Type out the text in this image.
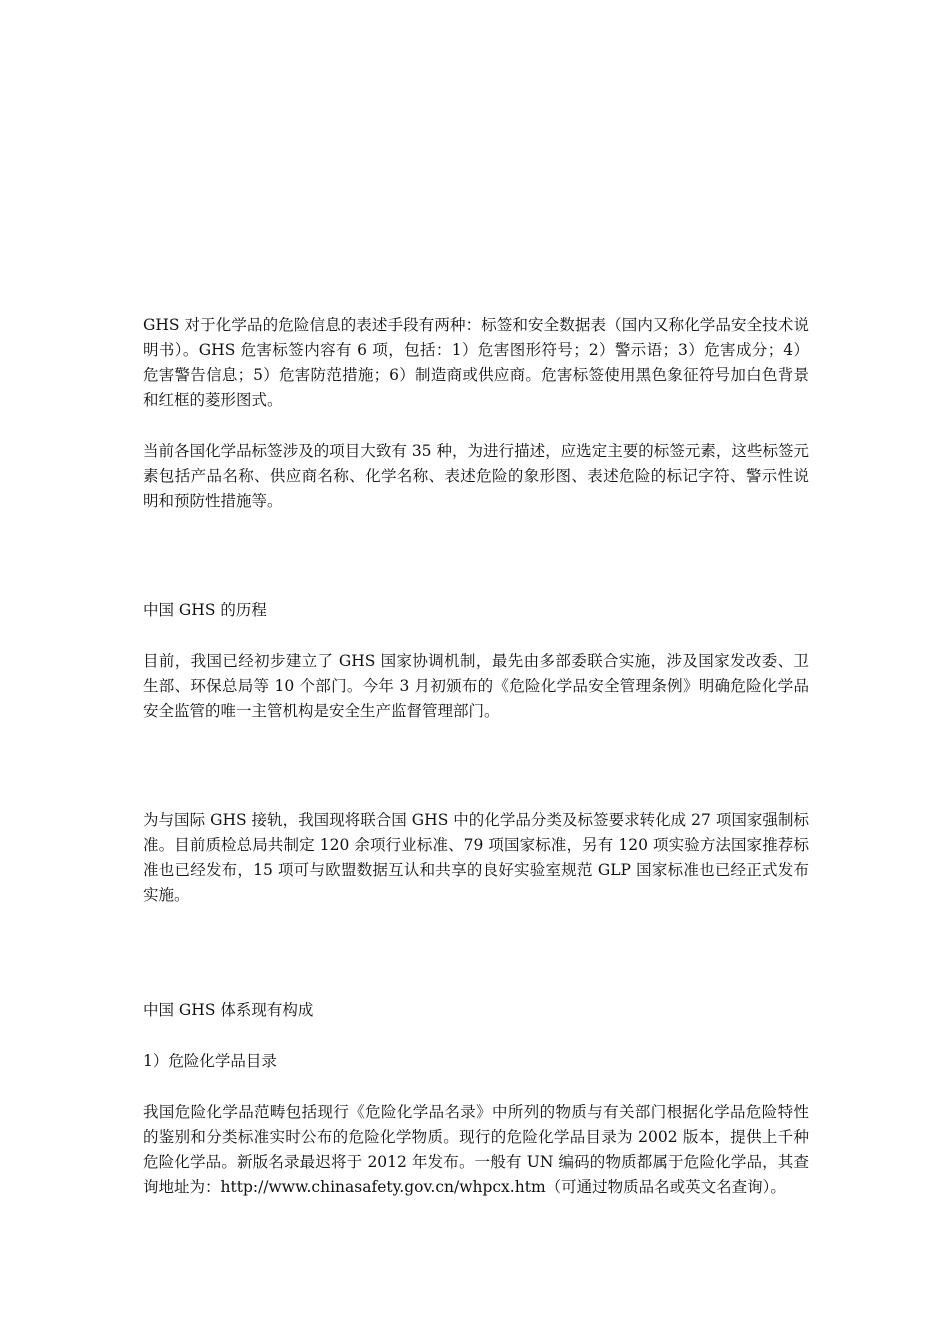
GHS 对于化学品的危险信息的表述手段有两种：标签和安全数据表（国内又称化学品安全技术说明书）。GHS 危害标签内容有 6 项，包括：1）危害图形符号；2）警示语；3）危害成分；4）危害警告信息；5）危害防范措施；6）制造商或供应商。危害标签使用黑色象征符号加白色背景和红框的菱形图式。

当前各国化学品标签涉及的项目大致有 35 种，为进行描述，应选定主要的标签元素，这些标签元素包括产品名称、供应商名称、化学名称、表述危险的象形图、表述危险的标记字符、警示性说明和预防性措施等。

中国 GHS 的历程

目前，我国已经初步建立了 GHS 国家协调机制，最先由多部委联合实施，涉及国家发改委、卫生部、环保总局等 10 个部门。今年 3 月初颁布的《危险化学品安全管理条例》明确危险化学品安全监管的唯一主管机构是安全生产监督管理部门。

为与国际 GHS 接轨，我国现将联合国 GHS 中的化学品分类及标签要求转化成 27 项国家强制标准。目前质检总局共制定 120 余项行业标准、79 项国家标准，另有 120 项实验方法国家推荐标准也已经发布，15 项可与欧盟数据互认和共享的良好实验室规范 GLP 国家标准也已经正式发布实施。

中国 GHS 体系现有构成

1）危险化学品目录

我国危险化学品范畴包括现行《危险化学品名录》中所列的物质与有关部门根据化学品危险特性的鉴别和分类标准实时公布的危险化学物质。现行的危险化学品目录为 2002 版本，提供上千种危险化学品。新版名录最迟将于 2012 年发布。一般有 UN 编码的物质都属于危险化学品，其查询地址为：http://www.chinasafety.gov.cn/whpcx.htm（可通过物质品名或英文名查询）。
